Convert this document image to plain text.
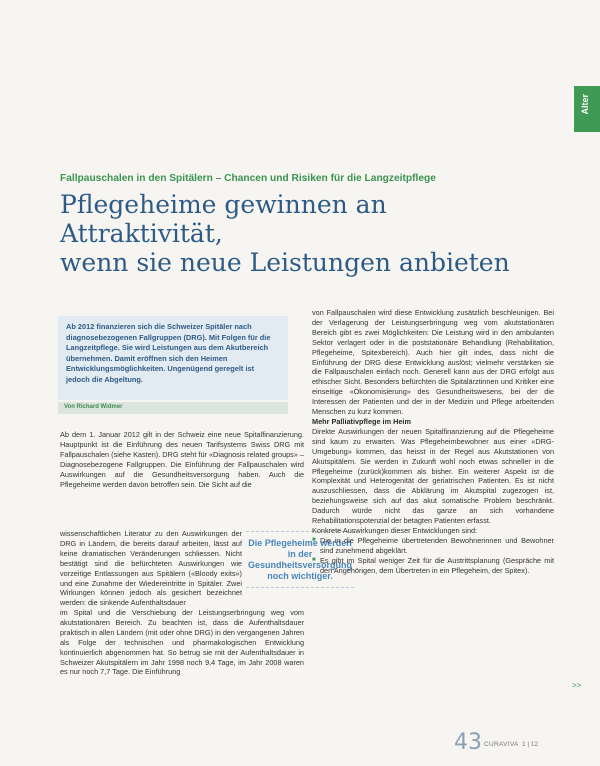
Alter
Fallpauschalen in den Spitälern – Chancen und Risiken für die Langzeitpflege
Pflegeheime gewinnen an Attraktivität,
wenn sie neue Leistungen anbieten
Ab 2012 finanzieren sich die Schweizer Spitäler nach diagnosebezogenen Fallgruppen (DRG). Mit Folgen für die Langzeitpflege. Sie wird Leistungen aus dem Akutbereich übernehmen. Damit eröffnen sich den Heimen Entwicklungsmöglichkeiten. Ungenügend geregelt ist jedoch die Abgeltung.
Von Richard Widmer

Ab dem 1. Januar 2012 gilt in der Schweiz eine neue Spitalfinanzierung. Hauptpunkt ist die Einführung des neuen Tarifsystems Swiss DRG mit Fallpauschalen (siehe Kasten). DRG steht für «Diagnosis related groups» – Diagnosebezogene Fallgruppen. Die Einführung der Fallpauschalen wird Auswirkungen auf die Gesundheitsversorgung haben. Auch die Pflegeheime werden davon betroffen sein. Die Sicht auf die

wissenschaftlichen Literatur zu den Auswirkungen der DRG in Ländern, die bereits darauf arbeiten, lässt auf keine dramatischen Veränderungen schliessen. Nicht bestätigt sind die befürchteten Auswirkungen wie vorzeitige Entlassungen aus Spitälern («Bloody exits») und eine Zunahme der Wiedereintritte in Spitäler. Zwei Wirkungen können jedoch als gesichert bezeichnet werden: die sinkende Aufenthaltsdauer

im Spital und die Verschiebung der Leistungserbringung weg vom akutstationären Bereich. Zu beachten ist, dass die Aufenthaltsdauer praktisch in allen Ländern (mit oder ohne DRG) in den vergangenen Jahren als Folge der technischen und pharmakologischen Entwicklung kontinuierlich abgenommen hat. So betrug sie mit der Aufenthaltsdauer in Schweizer Akutspitälern im Jahr 1998 noch 9,4 Tage, im Jahr 2008 waren es nur noch 7,7 Tage. Die Einführung

Die Pflegeheime werden in der Gesundheitsversorgung noch wichtiger.

von Fallpauschalen wird diese Entwicklung zusätzlich beschleunigen. Bei der Verlagerung der Leistungserbringung weg vom akutstationären Bereich gibt es zwei Möglichkeiten: Die Leistung wird in den ambulanten Sektor verlagert oder in die poststationäre Behandlung (Rehabilitation, Pflegeheime, Spitexbereich). Auch hier gilt indes, dass nicht die Einführung der DRG diese Entwicklung auslöst; vielmehr verstärken sie die Fallpauschalen einfach noch. Generell kann aus der DRG erfolgt aus ethischer Sicht. Besonders befürchten die Spitalärztinnen und Kritiker eine einseitige «Ökonomisierung» des Gesundheitswesens, bei der die Interessen der Patienten und der in der Medizin und Pflege arbeitenden Menschen zu kurz kommen.

Mehr Palliativpflege im Heim

Direkte Auswirkungen der neuen Spitalfinanzierung auf die Pflegeheime sind kaum zu erwarten. Was Pflegeheimbewohner aus einer «DRG-Umgebung» kommen, das heisst in der Regel aus Akutstationen von Akutspitälern. Sie werden in Zukunft wohl noch etwas schneller in die Pflegeheime (zurück)kommen als bisher. Ein weiterer Aspekt ist die Komplexität und Heterogenität der geriatrischen Patienten. Es ist nicht auszuschliessen, dass die Abklärung im Akutspital zugezogen ist, beziehungsweise sich auf das akut somatische Problem beschränkt. Dadurch würde nicht das ganze an sich vorhandene Rehabilitationspotenzial der betagten Patienten erfasst.

Konkrete Auswirkungen dieser Entwicklungen sind:

■ Die in die Pflegeheime übertretenden Bewohnerinnen und Bewohner sind zunehmend abgeklärt.
■ Es gibt im Spital weniger Zeit für die Austrittsplanung (Gespräche mit den Angehörigen, dem Übertreten in ein Pflegeheim, der Spitex).
>>
43 CURAVIVA 1 | 12
